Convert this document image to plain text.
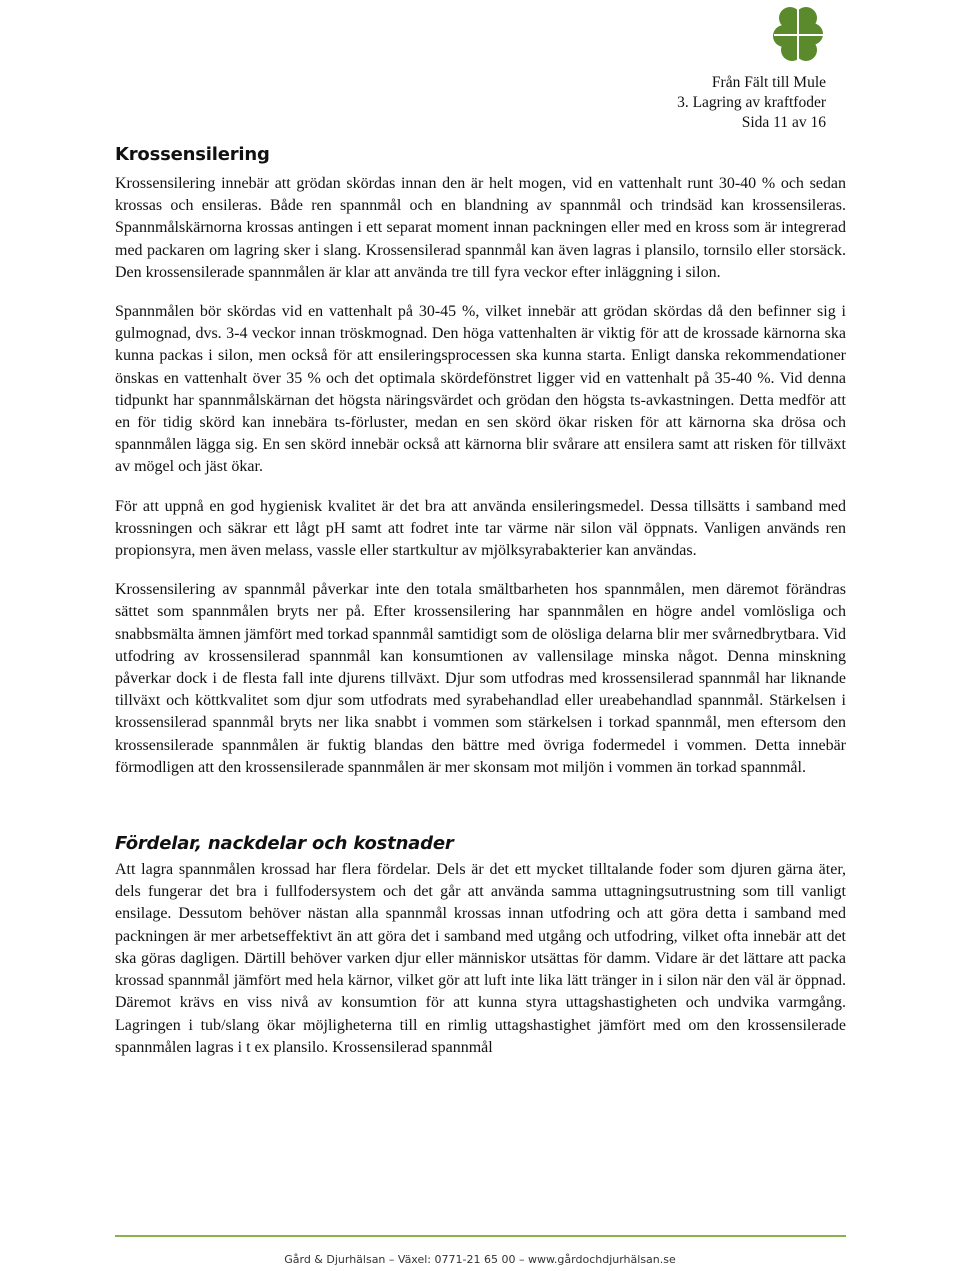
Från Fält till Mule
3. Lagring av kraftfoder
Sida 11 av 16
Krossensilering

Krossensilering innebär att grödan skördas innan den är helt mogen, vid en vattenhalt runt 30-40 % och sedan krossas och ensileras. Både ren spannmål och en blandning av spannmål och trindsäd kan krossensileras. Spannmålskärnorna krossas antingen i ett separat moment innan packningen eller med en kross som är integrerad med packaren om lagring sker i slang. Krossensilerad spannmål kan även lagras i plansilo, tornsilo eller storsäck. Den krossensilerade spannmålen är klar att använda tre till fyra veckor efter inläggning i silon.

Spannmålen bör skördas vid en vattenhalt på 30-45 %, vilket innebär att grödan skördas då den befinner sig i gulmognad, dvs. 3-4 veckor innan tröskmognad. Den höga vattenhalten är viktig för att de krossade kärnorna ska kunna packas i silon, men också för att ensileringsprocessen ska kunna starta. Enligt danska rekommendationer önskas en vattenhalt över 35 % och det optimala skördefönstret ligger vid en vattenhalt på 35-40 %. Vid denna tidpunkt har spannmålskärnan det högsta näringsvärdet och grödan den högsta ts-avkastningen. Detta medför att en för tidig skörd kan innebära ts-förluster, medan en sen skörd ökar risken för att kärnorna ska drösa och spannmålen lägga sig. En sen skörd innebär också att kärnorna blir svårare att ensilera samt att risken för tillväxt av mögel och jäst ökar.

För att uppnå en god hygienisk kvalitet är det bra att använda ensileringsmedel. Dessa tillsätts i samband med krossningen och säkrar ett lågt pH samt att fodret inte tar värme när silon väl öppnats. Vanligen används ren propionsyra, men även melass, vassle eller startkultur av mjölksyrabakterier kan användas.

Krossensilering av spannmål påverkar inte den totala smältbarheten hos spannmålen, men däremot förändras sättet som spannmålen bryts ner på. Efter krossensilering har spannmålen en högre andel vomlösliga och snabbsmälta ämnen jämfört med torkad spannmål samtidigt som de olösliga delarna blir mer svårnedbrytbara. Vid utfodring av krossensilerad spannmål kan konsumtionen av vallensilage minska något. Denna minskning påverkar dock i de flesta fall inte djurens tillväxt. Djur som utfodras med krossensilerad spannmål har liknande tillväxt och köttkvalitet som djur som utfodrats med syrabehandlad eller ureabehandlad spannmål. Stärkelsen i krossensilerad spannmål bryts ner lika snabbt i vommen som stärkelsen i torkad spannmål, men eftersom den krossensilerade spannmålen är fuktig blandas den bättre med övriga fodermedel i vommen. Detta innebär förmodligen att den krossensilerade spannmålen är mer skonsam mot miljön i vommen än torkad spannmål.

Fördelar, nackdelar och kostnader

Att lagra spannmålen krossad har flera fördelar. Dels är det ett mycket tilltalande foder som djuren gärna äter, dels fungerar det bra i fullfodersystem och det går att använda samma uttagningsutrustning som till vanligt ensilage. Dessutom behöver nästan alla spannmål krossas innan utfodring och att göra detta i samband med packningen är mer arbetseffektivt än att göra det i samband med utgång och utfodring, vilket ofta innebär att det ska göras dagligen. Därtill behöver varken djur eller människor utsättas för damm. Vidare är det lättare att packa krossad spannmål jämfört med hela kärnor, vilket gör att luft inte lika lätt tränger in i silon när den väl är öppnad. Däremot krävs en viss nivå av konsumtion för att kunna styra uttagshastigheten och undvika varmgång. Lagringen i tub/slang ökar möjligheterna till en rimlig uttagshastighet jämfört med om den krossensilerade spannmålen lagras i t ex plansilo. Krossensilerad spannmål

Gård & Djurhälsan – Växel: 0771-21 65 00 – www.gårdochdjurhälsan.se
